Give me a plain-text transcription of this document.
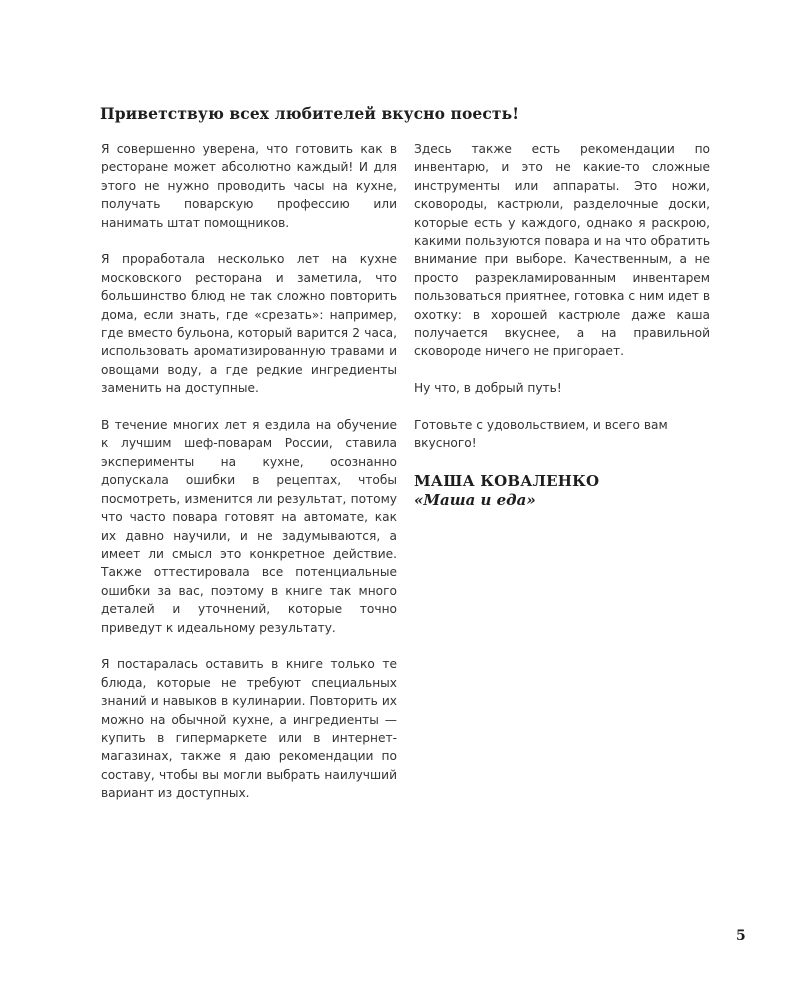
Приветствую всех любителей вкусно поесть!

Я совершенно уверена, что готовить как в ресторане может абсолютно каждый! И для этого не нужно проводить часы на кухне, получать поварскую профессию или нанимать штат помощников.

Я проработала несколько лет на кухне московского ресторана и заметила, что большинство блюд не так сложно повторить дома, если знать, где «срезать»: например, где вместо бульона, который варится 2 часа, использовать ароматизированную травами и овощами воду, а где редкие ингредиенты заменить на доступные.

В течение многих лет я ездила на обучение к лучшим шеф-поварам России, ставила эксперименты на кухне, осознанно допускала ошибки в рецептах, чтобы посмотреть, изменится ли результат, потому что часто повара готовят на автомате, как их давно научили, и не задумываются, а имеет ли смысл это конкретное действие. Также оттестировала все потенциальные ошибки за вас, поэтому в книге так много деталей и уточнений, которые точно приведут к идеальному результату.

Я постаралась оставить в книге только те блюда, которые не требуют специальных знаний и навыков в кулинарии. Повторить их можно на обычной кухне, а ингредиенты — купить в гипермаркете или в интернет-магазинах, также я даю рекомендации по составу, чтобы вы могли выбрать наилучший вариант из доступных.

Здесь также есть рекомендации по инвентарю, и это не какие-то сложные инструменты или аппараты. Это ножи, сковороды, кастрюли, разделочные доски, которые есть у каждого, однако я раскрою, какими пользуются повара и на что обратить внимание при выборе. Качественным, а не просто разрекламированным инвентарем пользоваться приятнее, готовка с ним идет в охотку: в хорошей кастрюле даже каша получается вкуснее, а на правильной сковороде ничего не пригорает.

Ну что, в добрый путь!

Готовьте с удовольствием, и всего вам вкусного!

МАША КОВАЛЕНКО
«Маша и еда»
5
